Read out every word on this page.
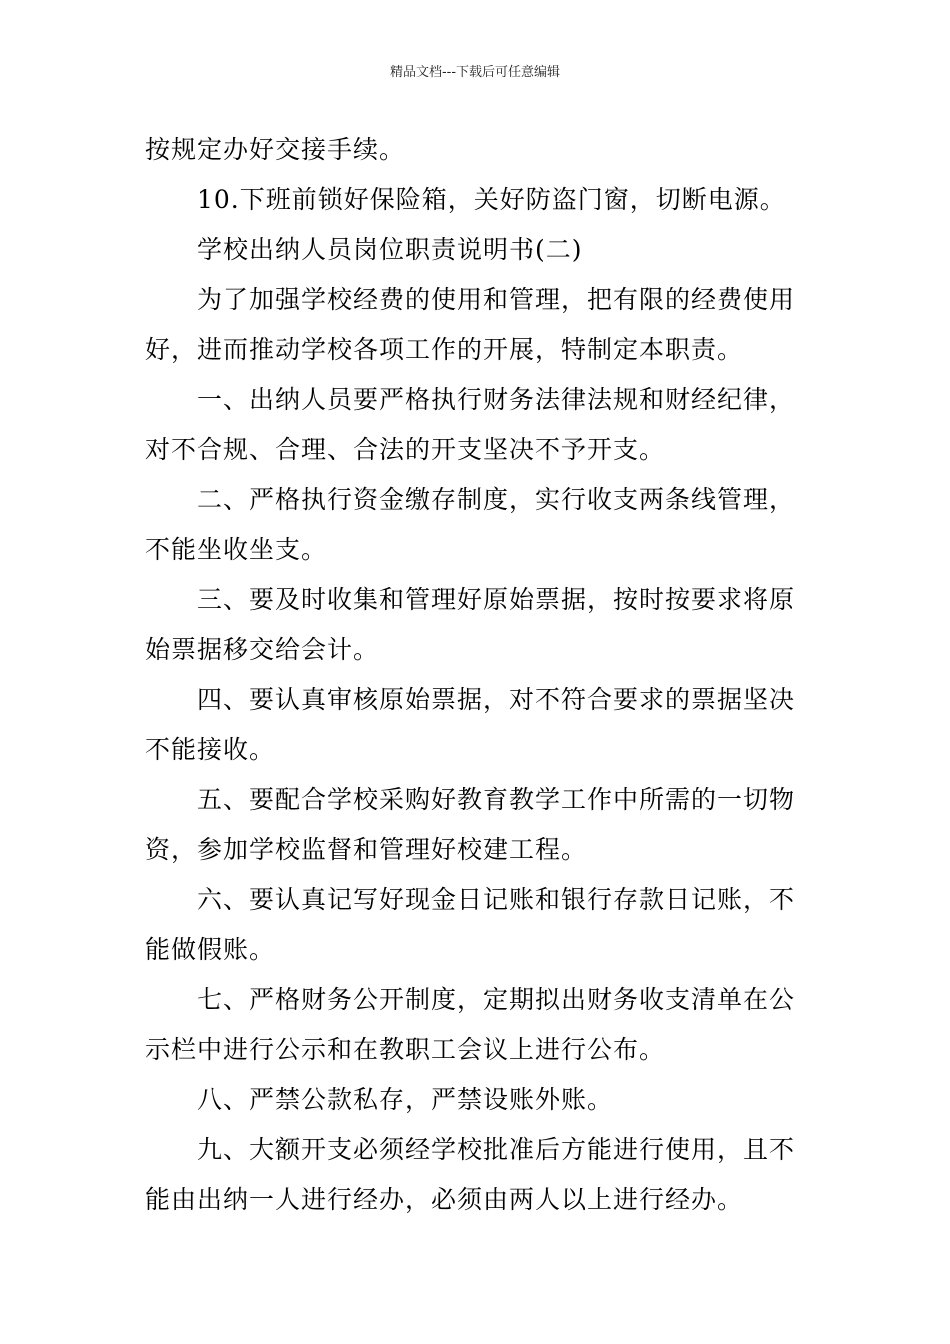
精品文档---下载后可任意编辑
按规定办好交接手续。
10.下班前锁好保险箱，关好防盗门窗，切断电源。
学校出纳人员岗位职责说明书(二)
为了加强学校经费的使用和管理，把有限的经费使用
好，进而推动学校各项工作的开展，特制定本职责。
一、出纳人员要严格执行财务法律法规和财经纪律，
对不合规、合理、合法的开支坚决不予开支。
二、严格执行资金缴存制度，实行收支两条线管理，
不能坐收坐支。
三、要及时收集和管理好原始票据，按时按要求将原
始票据移交给会计。
四、要认真审核原始票据，对不符合要求的票据坚决
不能接收。
五、要配合学校采购好教育教学工作中所需的一切物
资，参加学校监督和管理好校建工程。
六、要认真记写好现金日记账和银行存款日记账，不
能做假账。
七、严格财务公开制度，定期拟出财务收支清单在公
示栏中进行公示和在教职工会议上进行公布。
八、严禁公款私存，严禁设账外账。
九、大额开支必须经学校批准后方能进行使用，且不
能由出纳一人进行经办，必须由两人以上进行经办。
